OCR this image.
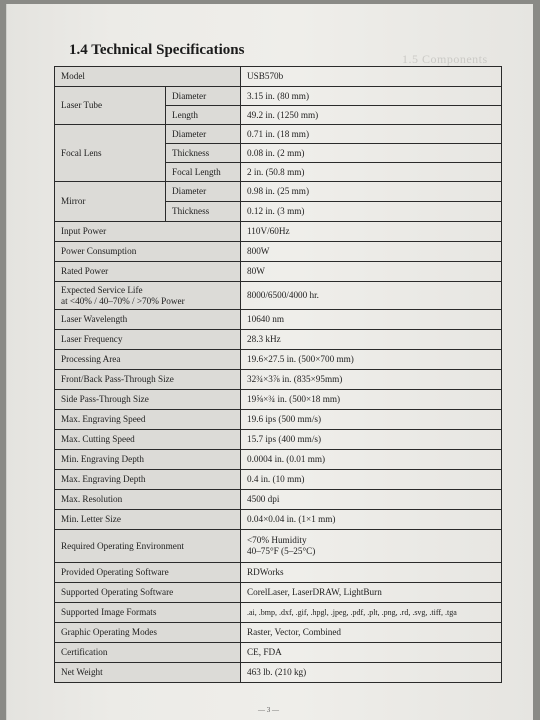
1.5 Components
1.4 Technical Specifications
Model		USB570b
Laser Tube	Diameter	3.15 in. (80 mm)
	Length	49.2 in. (1250 mm)
Focal Lens	Diameter	0.71 in. (18 mm)
	Thickness	0.08 in. (2 mm)
	Focal Length	2 in. (50.8 mm)
Mirror	Diameter	0.98 in. (25 mm)
	Thickness	0.12 in. (3 mm)
Input Power		110V/60Hz
Power Consumption		800W
Rated Power		80W

Expected Service Life
at <40% / 40–70% / >70% Power		8000/6500/4000 hr.
Laser Wavelength		10640 nm
Laser Frequency		28.3 kHz
Processing Area		19.6×27.5 in. (500×700 mm)
Front/Back Pass-Through Size		32¾×3⅞ in. (835×95mm)
Side Pass-Through Size		19⅝×¾ in. (500×18 mm)
Max. Engraving Speed		19.6 ips (500 mm/s)
Max. Cutting Speed		15.7 ips (400 mm/s)
Min. Engraving Depth		0.0004 in. (0.01 mm)
Max. Engraving Depth		0.4 in. (10 mm)
Max. Resolution		4500 dpi
Min. Letter Size		0.04×0.04 in. (1×1 mm)
Required Operating Environment		<70% Humidity
40–75°F (5–25°C)

Provided Operating Software		RDWorks
Supported Operating Software		CorelLaser, LaserDRAW, LightBurn
Supported Image Formats		.ai, .bmp, .dxf, .gif, .hpgl, .jpeg, .pdf, .plt, .png, .rd, .svg, .tiff, .tga
Graphic Operating Modes		Raster, Vector, Combined
Certification		CE, FDA
Net Weight		463 lb. (210 kg)
— 3 —
